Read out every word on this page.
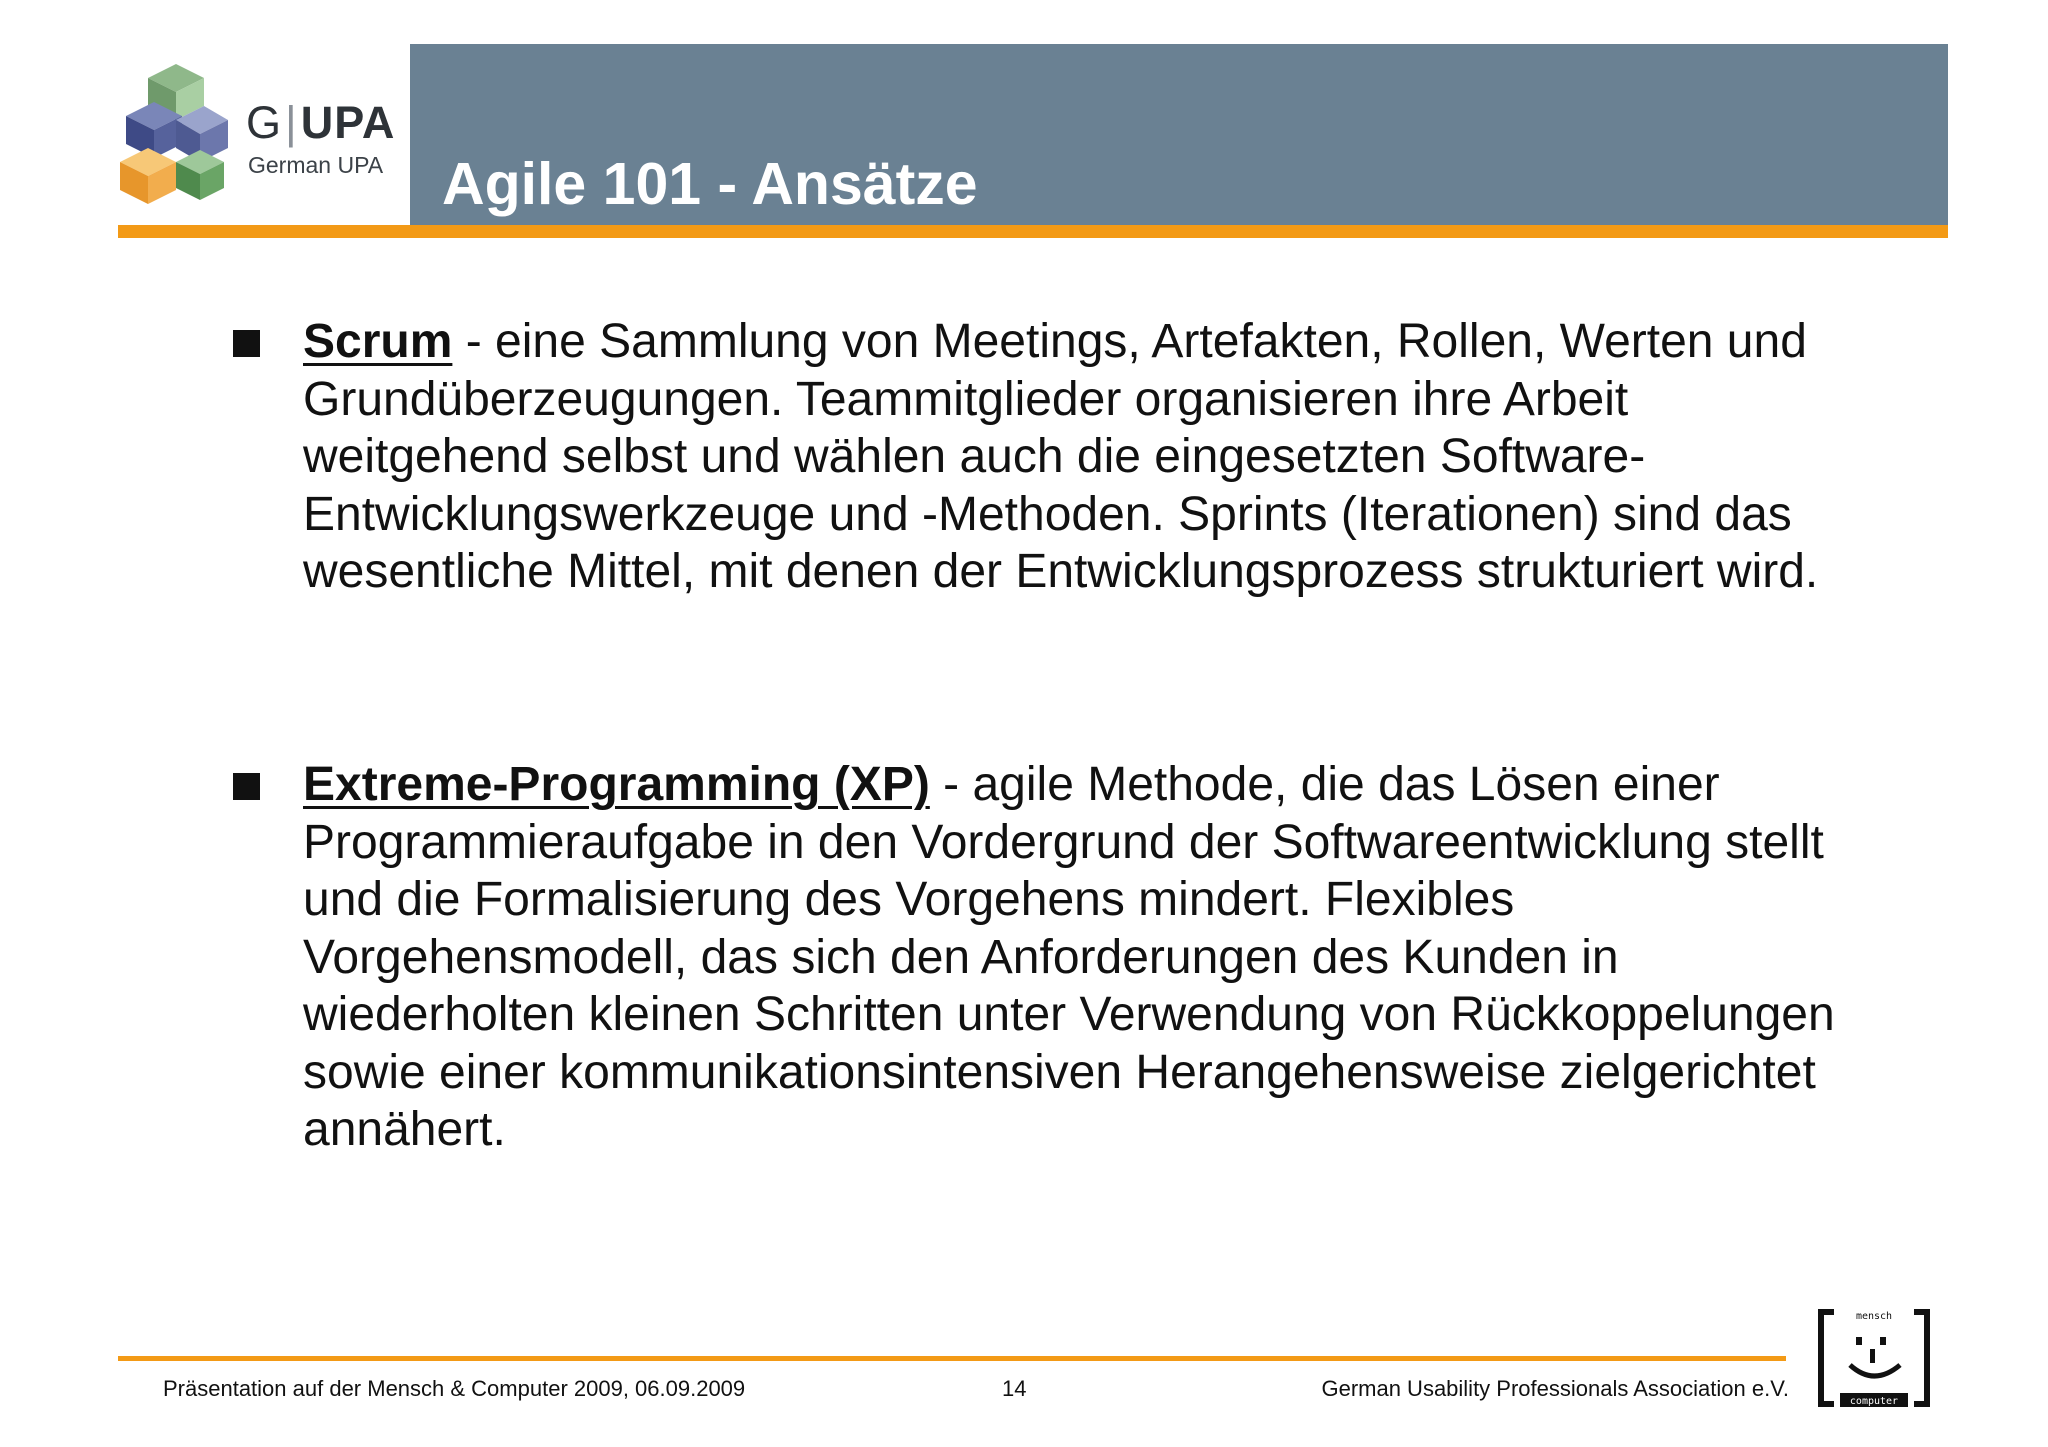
G|UPA
German UPA Agile 101 - Ansätze
Scrum - eine Sammlung von Meetings, Artefakten, Rollen, Werten und Grundüberzeugungen. Teammitglieder organisieren ihre Arbeit weitgehend selbst und wählen auch die eingesetzten Software-Entwicklungswerkzeuge und -Methoden. Sprints (Iterationen) sind das wesentliche Mittel, mit denen der Entwicklungsprozess strukturiert wird.
Extreme-Programming (XP) - agile Methode, die das Lösen einer Programmieraufgabe in den Vordergrund der Softwareentwicklung stellt und die Formalisierung des Vorgehens mindert. Flexibles Vorgehensmodell, das sich den Anforderungen des Kunden in wiederholten kleinen Schritten unter Verwendung von Rückkoppelungen sowie einer kommunikationsintensiven Herangehensweise zielgerichtet annähert.
Präsentation auf der Mensch & Computer 2009, 06.09.2009	14	German Usability Professionals Association e.V.
mensch
computer
